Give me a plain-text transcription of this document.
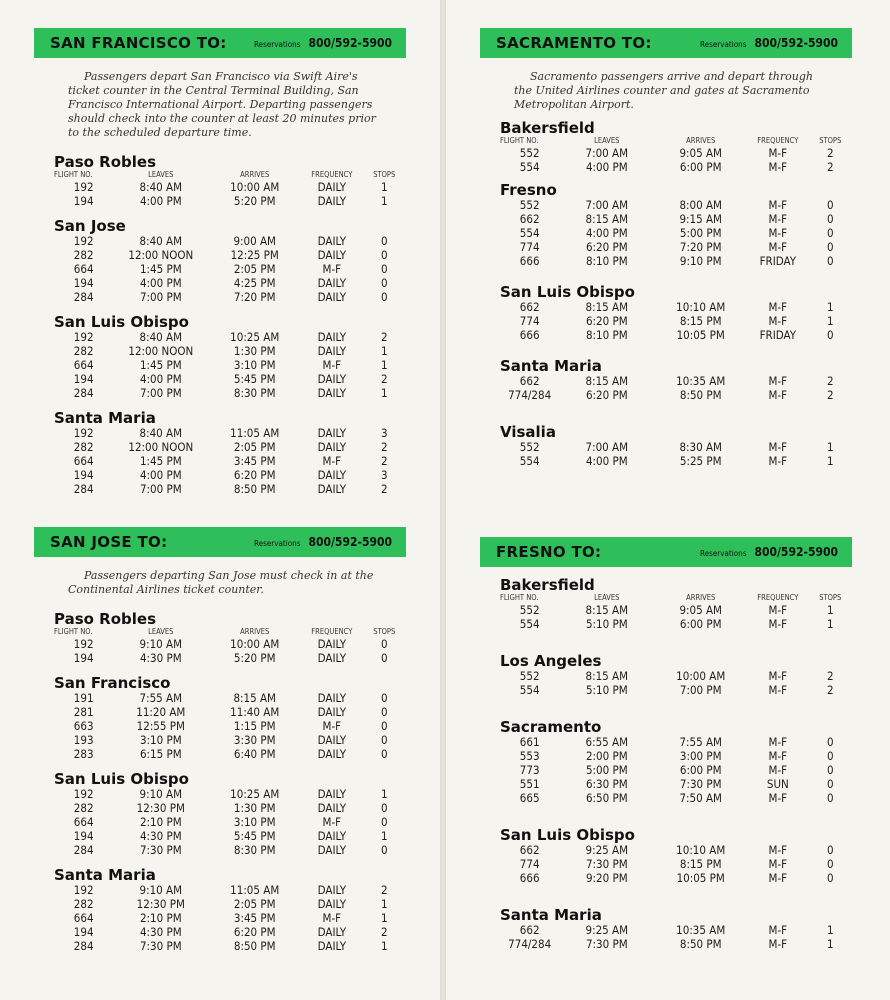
SAN FRANCISCO TO:	Reservations 800/592-5900
Passengers depart San Francisco via Swift Aire's ticket counter in the Central Terminal Building, San Francisco International Airport. Departing passengers should check into the counter at least 20 minutes prior to the scheduled departure time.
Paso Robles
FLIGHT NO.	LEAVES	ARRIVES	FREQUENCY	STOPS
192	8:40 AM	10:00 AM	DAILY	1
194	4:00 PM	5:20 PM	DAILY	1
San Jose
192	8:40 AM	9:00 AM	DAILY	0
282	12:00 NOON	12:25 PM	DAILY	0
664	1:45 PM	2:05 PM	M-F	0
194	4:00 PM	4:25 PM	DAILY	0
284	7:00 PM	7:20 PM	DAILY	0
San Luis Obispo
192	8:40 AM	10:25 AM	DAILY	2
282	12:00 NOON	1:30 PM	DAILY	1
664	1:45 PM	3:10 PM	M-F	1
194	4:00 PM	5:45 PM	DAILY	2
284	7:00 PM	8:30 PM	DAILY	1
Santa Maria
192	8:40 AM	11:05 AM	DAILY	3
282	12:00 NOON	2:05 PM	DAILY	2
664	1:45 PM	3:45 PM	M-F	2
194	4:00 PM	6:20 PM	DAILY	3
284	7:00 PM	8:50 PM	DAILY	2
SAN JOSE TO:	Reservations 800/592-5900
Passengers departing San Jose must check in at the Continental Airlines ticket counter.
Paso Robles
FLIGHT NO.	LEAVES	ARRIVES	FREQUENCY	STOPS
192	9:10 AM	10:00 AM	DAILY	0
194	4:30 PM	5:20 PM	DAILY	0
San Francisco
191	7:55 AM	8:15 AM	DAILY	0
281	11:20 AM	11:40 AM	DAILY	0
663	12:55 PM	1:15 PM	M-F	0
193	3:10 PM	3:30 PM	DAILY	0
283	6:15 PM	6:40 PM	DAILY	0
San Luis Obispo
192	9:10 AM	10:25 AM	DAILY	1
282	12:30 PM	1:30 PM	DAILY	0
664	2:10 PM	3:10 PM	M-F	0
194	4:30 PM	5:45 PM	DAILY	1
284	7:30 PM	8:30 PM	DAILY	0
Santa Maria
192	9:10 AM	11:05 AM	DAILY	2
282	12:30 PM	2:05 PM	DAILY	1
664	2:10 PM	3:45 PM	M-F	1
194	4:30 PM	6:20 PM	DAILY	2
284	7:30 PM	8:50 PM	DAILY	1
SACRAMENTO TO:	Reservations 800/592-5900
Sacramento passengers arrive and depart through the United Airlines counter and gates at Sacramento Metropolitan Airport.
Bakersfield
FLIGHT NO.	LEAVES	ARRIVES	FREQUENCY	STOPS
552	7:00 AM	9:05 AM	M-F	2
554	4:00 PM	6:00 PM	M-F	2
Fresno
552	7:00 AM	8:00 AM	M-F	0
662	8:15 AM	9:15 AM	M-F	0
554	4:00 PM	5:00 PM	M-F	0
774	6:20 PM	7:20 PM	M-F	0
666	8:10 PM	9:10 PM	FRIDAY	0
San Luis Obispo
662	8:15 AM	10:10 AM	M-F	1
774	6:20 PM	8:15 PM	M-F	1
666	8:10 PM	10:05 PM	FRIDAY	0
Santa Maria
662	8:15 AM	10:35 AM	M-F	2
774/284	6:20 PM	8:50 PM	M-F	2
Visalia
552	7:00 AM	8:30 AM	M-F	1
554	4:00 PM	5:25 PM	M-F	1
FRESNO TO:	Reservations 800/592-5900
Bakersfield
FLIGHT NO.	LEAVES	ARRIVES	FREQUENCY	STOPS
552	8:15 AM	9:05 AM	M-F	1
554	5:10 PM	6:00 PM	M-F	1
Los Angeles
552	8:15 AM	10:00 AM	M-F	2
554	5:10 PM	7:00 PM	M-F	2
Sacramento
661	6:55 AM	7:55 AM	M-F	0
553	2:00 PM	3:00 PM	M-F	0
773	5:00 PM	6:00 PM	M-F	0
551	6:30 PM	7:30 PM	SUN	0
665	6:50 PM	7:50 AM	M-F	0
San Luis Obispo
662	9:25 AM	10:10 AM	M-F	0
774	7:30 PM	8:15 PM	M-F	0
666	9:20 PM	10:05 PM	M-F	0
Santa Maria
662	9:25 AM	10:35 AM	M-F	1
774/284	7:30 PM	8:50 PM	M-F	1
